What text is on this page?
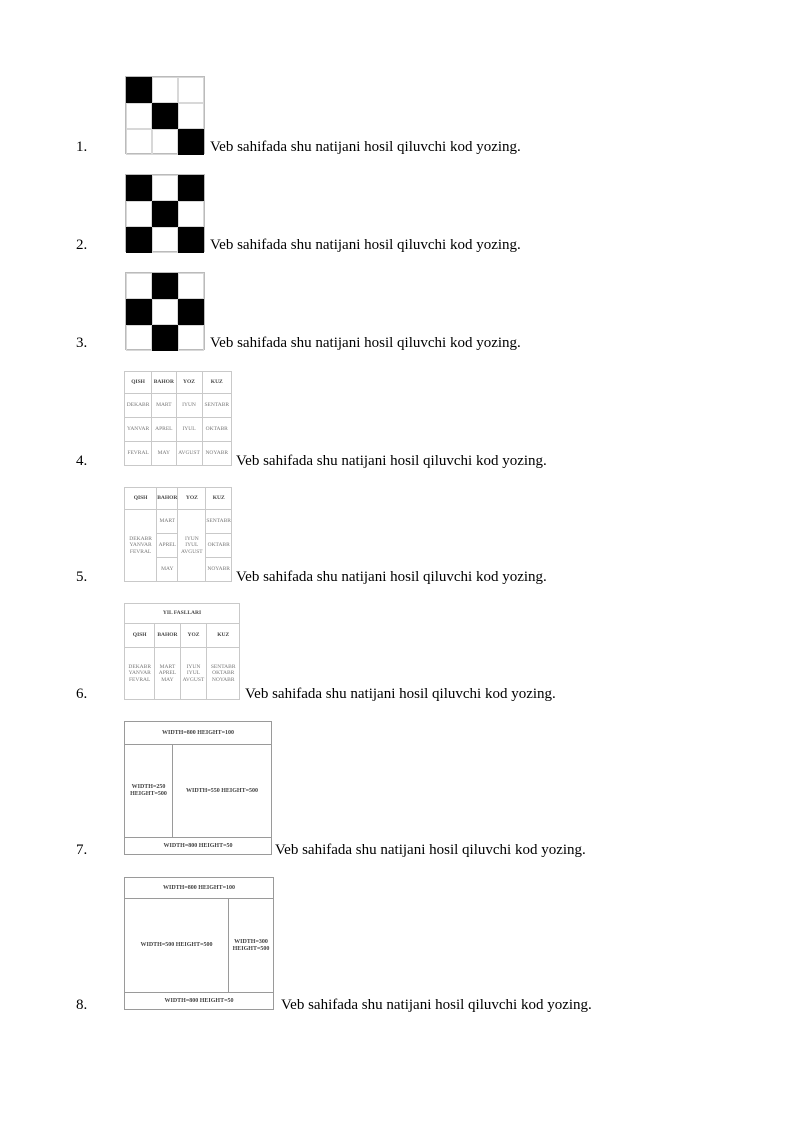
1.	Veb sahifada shu natijani hosil qiluvchi kod yozing.
2.	Veb sahifada shu natijani hosil qiluvchi kod yozing.
3.	Veb sahifada shu natijani hosil qiluvchi kod yozing.
QISH	BAHOR	YOZ	KUZ
DEKABR	MART	IYUN	SENTABR
YANVAR	APREL	IYUL	OKTABR
FEVRAL	MAY	AVGUST	NOYABR
4.	Veb sahifada shu natijani hosil qiluvchi kod yozing.
QISH	BAHOR	YOZ	KUZ
DEKABR YANVAR FEVRAL	MART	IYUN IYUL AVGUST	SENTABR
	APREL		OKTABR
	MAY		NOYABR
5.	Veb sahifada shu natijani hosil qiluvchi kod yozing.
YIL FASLLARI			
QISH	BAHOR	YOZ	KUZ
DEKABR YANVAR FEVRAL	MART APREL MAY	IYUN IYUL AVGUST	SENTABR OKTABR NOYABR
6.	Veb sahifada shu natijani hosil qiluvchi kod yozing.
WIDTH=800 HEIGHT=100
WIDTH=250 HEIGHT=500
WIDTH=550 HEIGHT=500
WIDTH=800 HEIGHT=50
7.	Veb sahifada shu natijani hosil qiluvchi kod yozing.
WIDTH=800 HEIGHT=100
WIDTH=500 HEIGHT=500
WIDTH=300 HEIGHT=500
WIDTH=800 HEIGHT=50
8.	Veb sahifada shu natijani hosil qiluvchi kod yozing.
